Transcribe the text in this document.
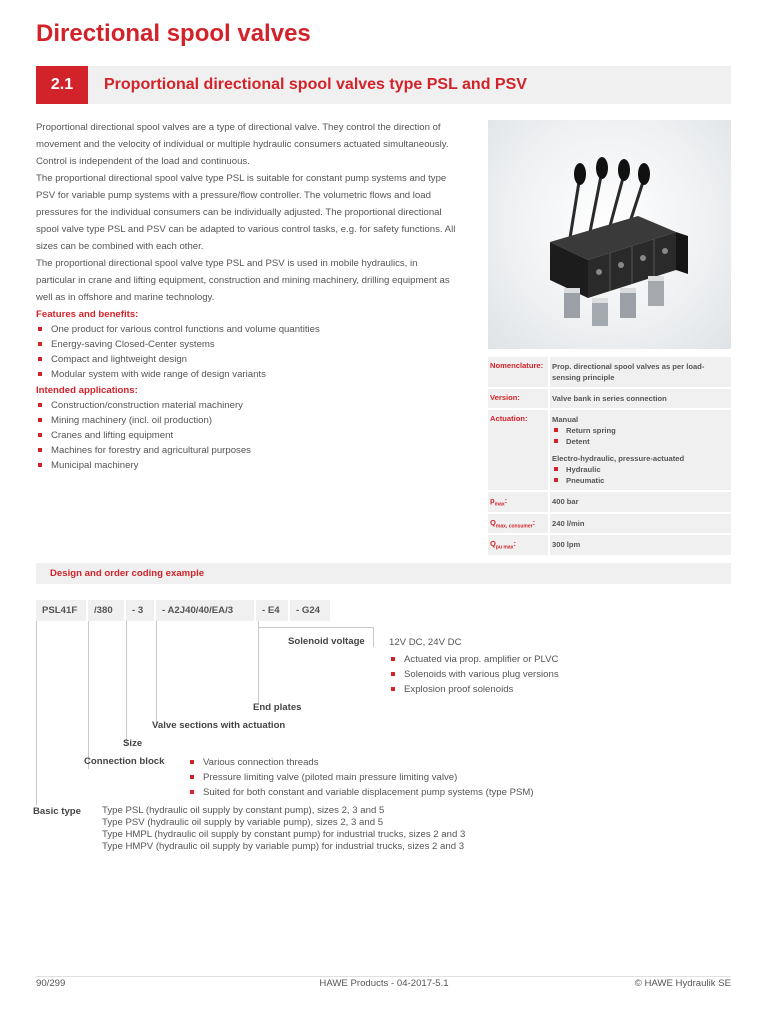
Directional spool valves
2.1	Proportional directional spool valves type PSL and PSV

Proportional directional spool valves are a type of directional valve. They control the direction of movement and the velocity of individual or multiple hydraulic consumers actuated simultaneously. Control is independent of the load and continuous.

The proportional directional spool valve type PSL is suitable for constant pump systems and type PSV for variable pump systems with a pressure/flow controller. The volumetric flows and load pressures for the individual consumers can be individually adjusted. The proportional directional spool valve type PSL and PSV can be adapted to various control tasks, e.g. for safety functions. All sizes can be combined with each other.

The proportional directional spool valve type PSL and PSV is used in mobile hydraulics, in particular in crane and lifting equipment, construction and mining machinery, drilling equipment as well as in offshore and marine technology.

Features and benefits:
One product for various control functions and volume quantities
Energy-saving Closed-Center systems
Compact and lightweight design
Modular system with wide range of design variants
Intended applications:
Construction/construction material machinery
Mining machinery (incl. oil production)
Cranes and lifting equipment
Machines for forestry and agricultural purposes
Municipal machinery
Nomenclature:	Prop. directional spool valves as per load-sensing principle
Version:	Valve bank in series connection
Actuation:	Manual
Return spring
Detent
Electro-hydraulic, pressure-actuated
Hydraulic
Pneumatic
$p_{max}$:	400 bar
$Q_{max, consumer}$:	240 l/min
$Q_{pu max}$:	300 lpm
Design and order coding example
PSL41F	/380	- 3	- A2J40/40/EA/3	- E4	- G24
Solenoid voltage	12V DC, 24V DC
Actuated via prop. amplifier or PLVC
Solenoids with various plug versions
Explosion proof solenoids
End plates
Valve sections with actuation
Size
Connection block	Various connection threads
Pressure limiting valve (piloted main pressure limiting valve)
Suited for both constant and variable displacement pump systems (type PSM)
Basic type Type PSL (hydraulic oil supply by constant pump), sizes 2, 3 and 5
Type PSV (hydraulic oil supply by variable pump), sizes 2, 3 and 5
Type HMPL (hydraulic oil supply by constant pump) for industrial trucks, sizes 2 and 3
Type HMPV (hydraulic oil supply by variable pump) for industrial trucks, sizes 2 and 3
90/299	HAWE Products - 04-2017-5.1	© HAWE Hydraulik SE
